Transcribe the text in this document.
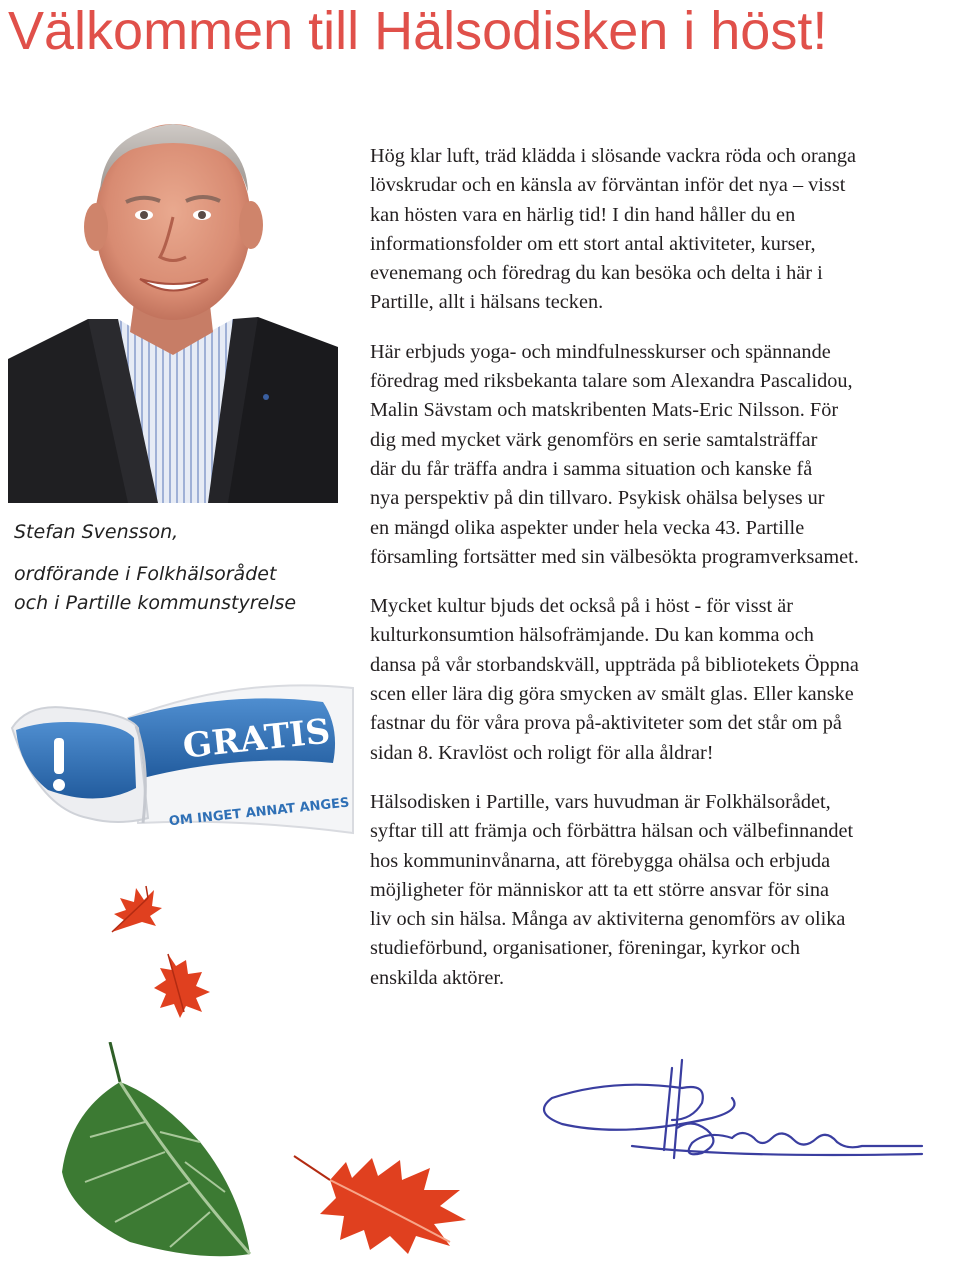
Välkommen till Hälsodisken i höst!
Stefan Svensson,
ordförande i Folkhälsorådet
och i Partille kommunstyrelse
GRATIS
OM INGET ANNAT ANGES

Hög klar luft, träd klädda i slösande vackra röda och oranga
lövskrudar och en känsla av förväntan inför det nya – visst
kan hösten vara en härlig tid! I din hand håller du en
informationsfolder om ett stort antal aktiviteter, kurser,
evenemang och föredrag du kan besöka och delta i här i
Partille, allt i hälsans tecken.

Här erbjuds yoga- och mindfulnesskurser och spännande
föredrag med riksbekanta talare som Alexandra Pascalidou,
Malin Sävstam och matskribenten Mats-Eric Nilsson. För
dig med mycket värk genomförs en serie samtalsträffar
där du får träffa andra i samma situation och kanske få
nya perspektiv på din tillvaro. Psykisk ohälsa belyses ur
en mängd olika aspekter under hela vecka 43. Partille
församling fortsätter med sin välbesökta programverksamet.

Mycket kultur bjuds det också på i höst - för visst är
kulturkonsumtion hälsofrämjande. Du kan komma och
dansa på vår storbandskväll, uppträda på bibliotekets Öppna
scen eller lära dig göra smycken av smält glas. Eller kanske
fastnar du för våra prova på-aktiviteter som det står om på
sidan 8. Kravlöst och roligt för alla åldrar!

Hälsodisken i Partille, vars huvudman är Folkhälsorådet,
syftar till att främja och förbättra hälsan och välbefinnandet
hos kommuninvånarna, att förebygga ohälsa och erbjuda
möjligheter för människor att ta ett större ansvar för sina
liv och sin hälsa. Många av aktiviterna genomförs av olika
studieförbund, organisationer, föreningar, kyrkor och
enskilda aktörer.
